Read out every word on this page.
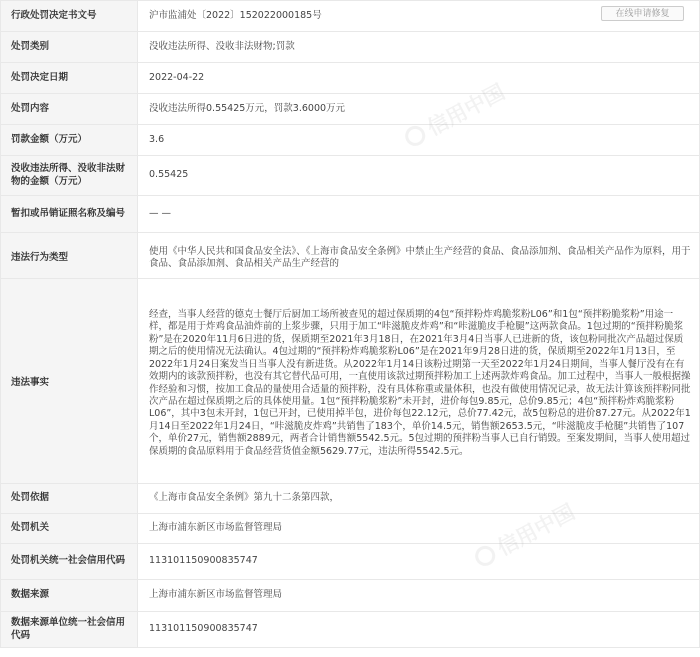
行政处罚决定书文号	沪市监浦处〔2022〕152022000185号 在线申请修复

处罚类别	没收违法所得、没收非法财物;罚款
处罚决定日期	2022-04-22
处罚内容	没收违法所得0.55425万元，罚款3.6000万元
罚款金额（万元）	3.6
没收违法所得、没收非法财物的金额（万元）	0.55425
暂扣或吊销证照名称及编号	— —
违法行为类型	使用《中华人民共和国食品安全法》、《上海市食品安全条例》中禁止生产经营的食品、食品添加剂、食品相关产品作为原料，用于食品、食品添加剂、食品相关产品生产经营的
违法事实	经查，当事人经营的德克士餐厅后厨加工场所被查见的超过保质期的4包“预拌粉炸鸡脆浆粉L06”和1包“预拌粉脆浆粉”用途一样，都是用于炸鸡食品油炸前的上浆步骤，只用于加工“咔滋脆皮炸鸡”和“咔滋脆皮手枪腿”这两款食品。1包过期的“预拌粉脆浆粉”是在2020年11月6日进的货，保质期至2021年3月18日，在2021年3月4日当事人已进新的货，该包粉同批次产品超过保质期之后的使用情况无法确认。4包过期的“预拌粉炸鸡脆浆粉L06”是在2021年9月28日进的货，保质期至2022年1月13日，至2022年1月24日案发当日当事人没有新进货。从2022年1月14日该粉过期第一天至2022年1月24日期间，当事人餐厅没有在有效期内的该款预拌粉，也没有其它替代品可用，一直使用该款过期预拌粉加工上述两款炸鸡食品。加工过程中，当事人一般根据操作经验和习惯，按加工食品的量使用合适量的预拌粉，没有具体称重或量体积，也没有做使用情况记录，故无法计算该预拌粉同批次产品在超过保质期之后的具体使用量。1包“预拌粉脆浆粉”未开封，进价每包9.85元，总价9.85元；4包“预拌粉炸鸡脆浆粉L06”，其中3包未开封，1包已开封，已使用掉半包，进价每包22.12元，总价77.42元，故5包粉总的进价87.27元。从2022年1月14日至2022年1月24日，“咔滋脆皮炸鸡”共销售了183个，单价14.5元，销售额2653.5元，“咔滋脆皮手枪腿”共销售了107个，单价27元，销售额2889元，两者合计销售额5542.5元。5包过期的预拌粉当事人已自行销毁。至案发期间，当事人使用超过保质期的食品原料用于食品经营货值金额5629.77元，违法所得5542.5元。
处罚依据	《上海市食品安全条例》第九十二条第四款，
处罚机关	上海市浦东新区市场监督管理局
处罚机关统一社会信用代码	113101150900835747
数据来源	上海市浦东新区市场监督管理局
数据来源单位统一社会信用代码	113101150900835747
信用中国
信用中国
